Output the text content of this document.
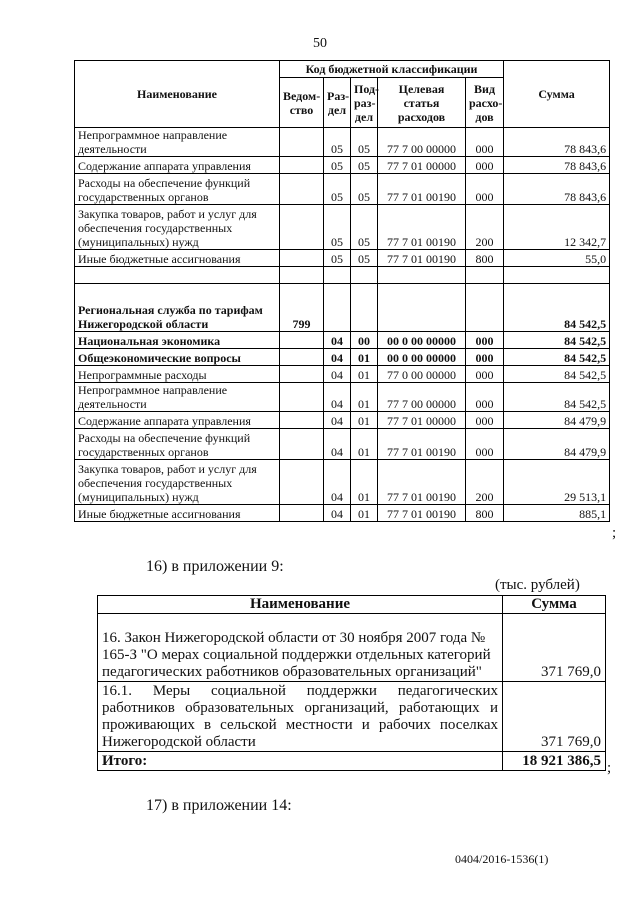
50
Наименование	Код бюджетной классификации					Сумма
	Ведом-ство	Раз-дел	Под-раз-дел	Целевая статья расходов	Вид расхо-дов	
Непрограммное направление деятельности		05	05	77 7 00 00000	000	78 843,6
Содержание аппарата управления		05	05	77 7 01 00000	000	78 843,6
Расходы на обеспечение функций государственных органов		05	05	77 7 01 00190	000	78 843,6
Закупка товаров, работ и услуг для обеспечения государственных (муниципальных) нужд		05	05	77 7 01 00190	200	12 342,7
Иные бюджетные ассигнования		05	05	77 7 01 00190	800	55,0

Региональная служба по тарифам Нижегородской области	799					84 542,5
Национальная экономика		04	00	00 0 00 00000	000	84 542,5
Общеэкономические вопросы		04	01	00 0 00 00000	000	84 542,5
Непрограммные расходы		04	01	77 0 00 00000	000	84 542,5
Непрограммное направление деятельности		04	01	77 7 00 00000	000	84 542,5
Содержание аппарата управления		04	01	77 7 01 00000	000	84 479,9
Расходы на обеспечение функций государственных органов		04	01	77 7 01 00190	000	84 479,9
Закупка товаров, работ и услуг для обеспечения государственных (муниципальных) нужд		04	01	77 7 01 00190	200	29 513,1
Иные бюджетные ассигнования		04	01	77 7 01 00190	800	885,1
;
16) в приложении 9:
(тыс. рублей)
Наименование	Сумма
16. Закон Нижегородской области от 30 ноября 2007 года № 165-З "О мерах социальной поддержки отдельных категорий педагогических работников образовательных организаций"	371 769,0
16.1. Меры социальной поддержки педагогических работников образовательных организаций, работающих и проживающих в сельской местности и рабочих поселках Нижегородской области	371 769,0
Итого:	18 921 386,5 ;
17) в приложении 14:
0404/2016-1536(1)
